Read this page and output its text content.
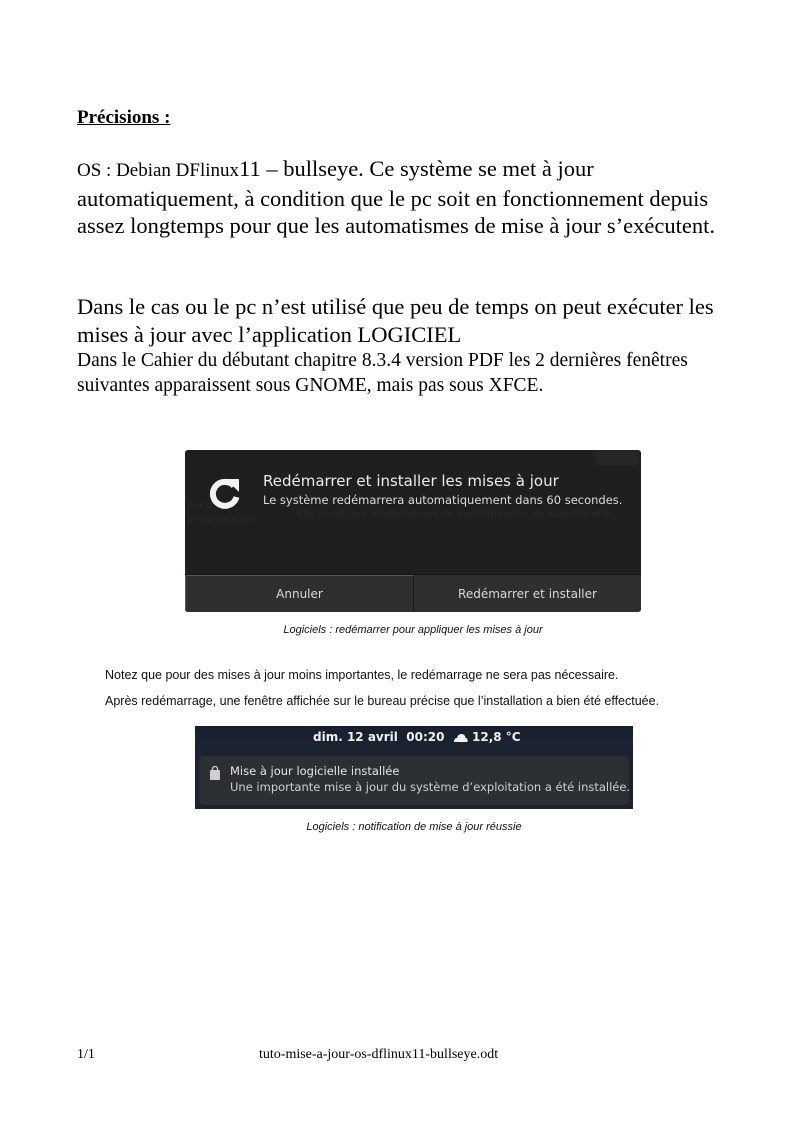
Précisions :
OS : Debian DFlinux11 – bullseye. Ce système se met à jour automatiquement, à condition que le pc soit en fonctionnement depuis assez longtemps pour que les automatismes de mise à jour s’exécutent.
Dans le cas ou le pc n’est utilisé que peu de temps on peut exécuter les mises à jour avec l’application LOGICIEL
Dans le Cahier du débutant chapitre 8.3.4 version PDF les 2 dernières fenêtres suivantes apparaissent sous GNOME, mais pas sous XFCE.
our d
d'exploitation	Elle inclut des améliorations de performances, de stabilité et s
Redémarrer et installer les mises à jour
Le système redémarrera automatiquement dans 60 secondes.
Annuler	Redémarrer et installer
Logiciels : redémarrer pour appliquer les mises à jour
Notez que pour des mises à jour moins importantes, le redémarrage ne sera pas nécessaire.
Après redémarrage, une fenêtre affichée sur le bureau précise que l’installation a bien été effectuée.
dim. 12 avril  00:20 12,8 °C
Mise à jour logicielle installée
Une importante mise à jour du système d’exploitation a été installée.
Logiciels : notification de mise à jour réussie
1/1	tuto-mise-a-jour-os-dflinux11-bullseye.odt
